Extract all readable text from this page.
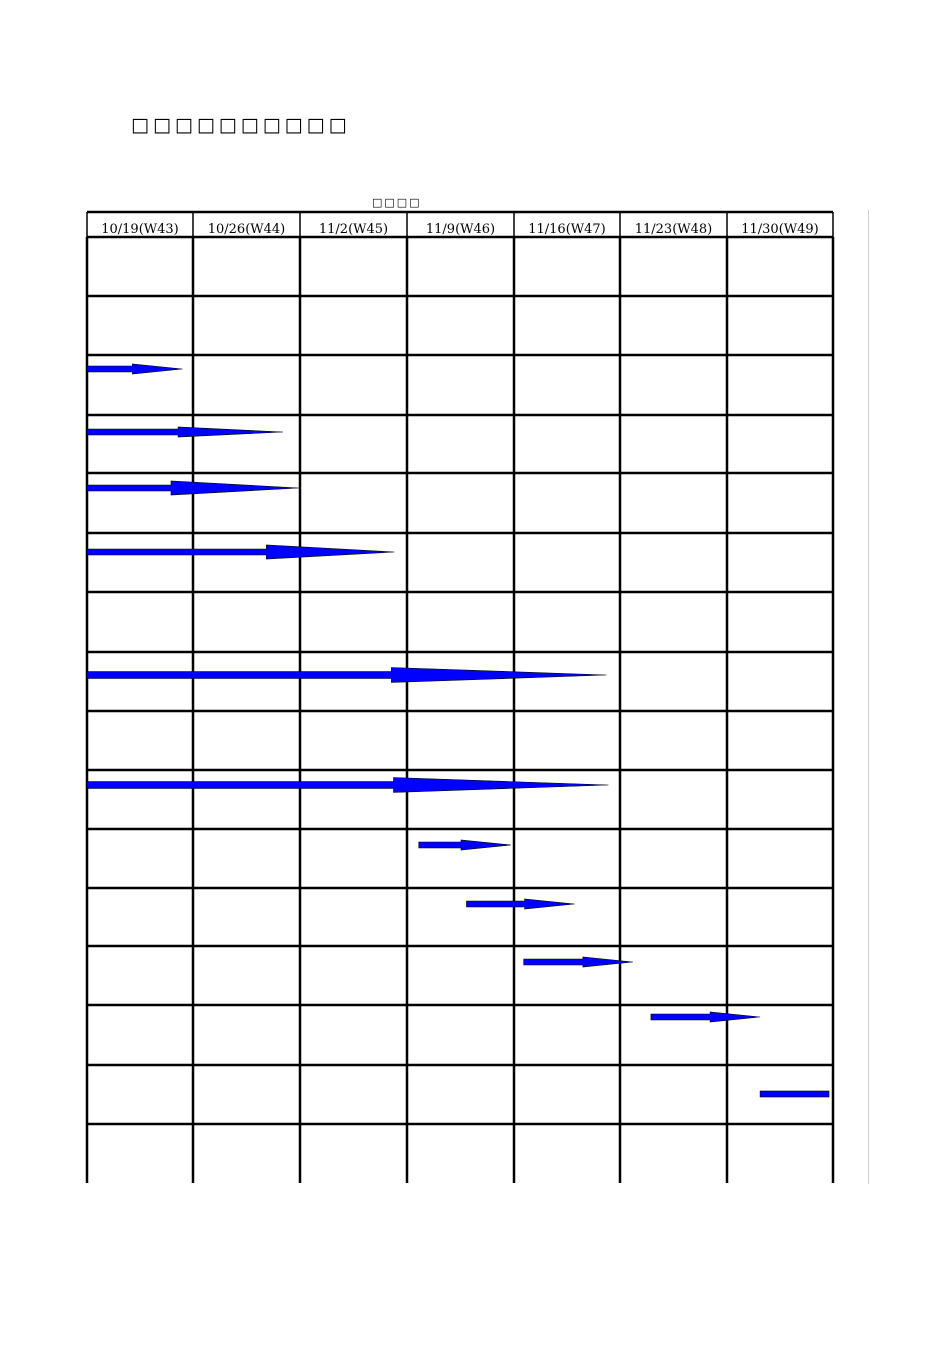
□□□□□□□□□□
□□□□
10/19(W43) 10/26(W44)	11/2(W45)	11/9(W46)	11/16(W47) 11/23(W48) 11/30(W49)
